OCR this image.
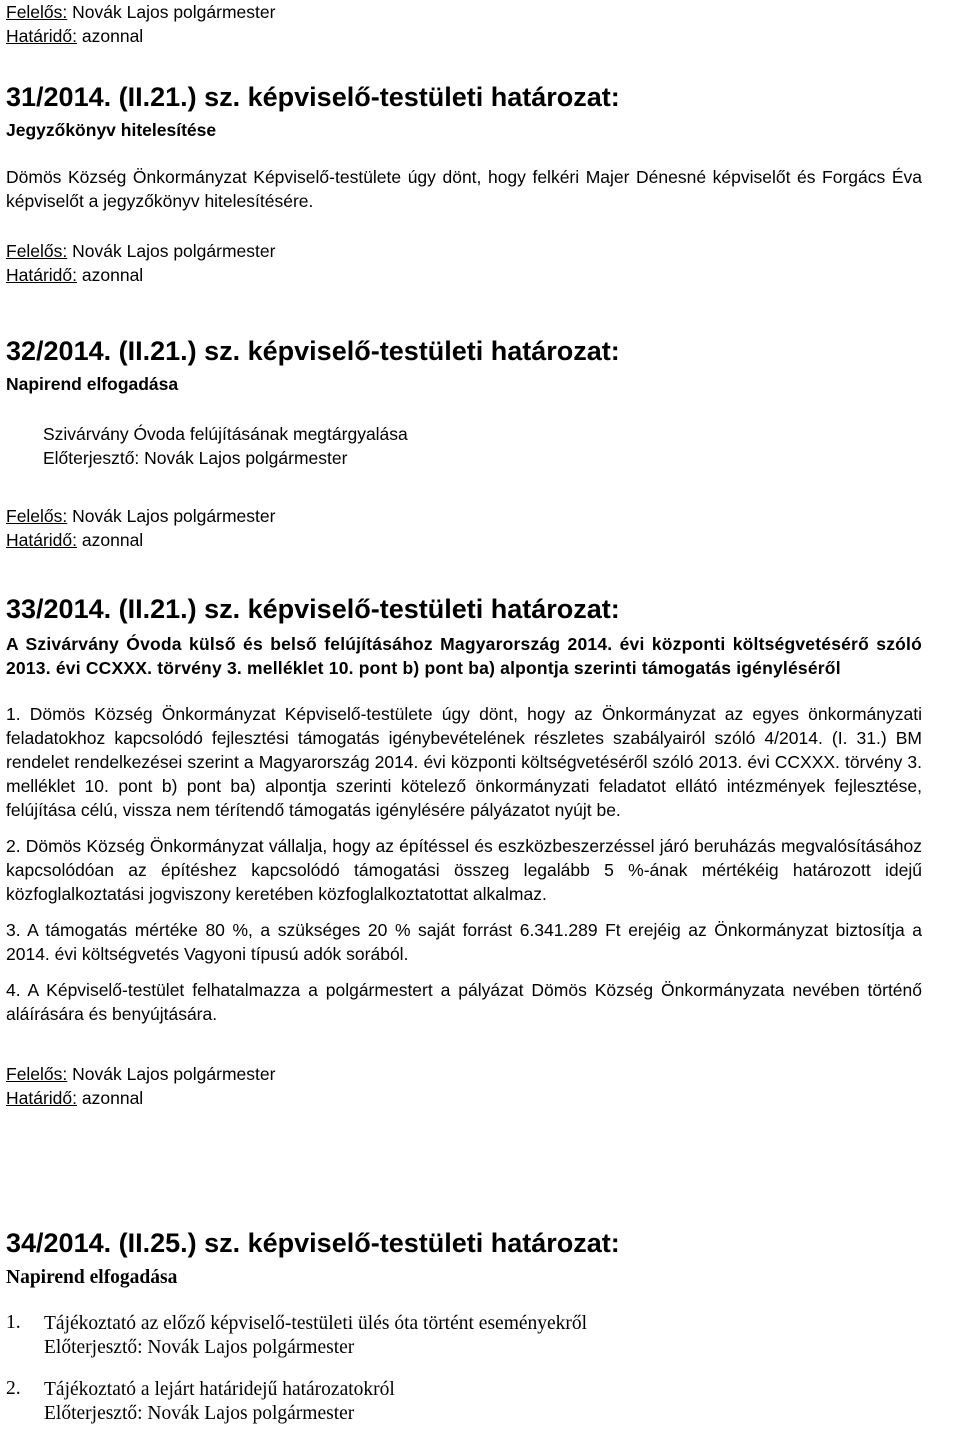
Felelős: Novák Lajos polgármester
Határidő: azonnal
31/2014. (II.21.) sz. képviselő-testületi határozat:
Jegyzőkönyv hitelesítése
Dömös Község Önkormányzat Képviselő-testülete úgy dönt, hogy felkéri Majer Dénesné képviselőt és Forgács Éva képviselőt a jegyzőkönyv hitelesítésére.
Felelős: Novák Lajos polgármester
Határidő: azonnal
32/2014. (II.21.) sz. képviselő-testületi határozat:
Napirend elfogadása
Szivárvány Óvoda felújításának megtárgyalása
Előterjesztő: Novák Lajos polgármester
Felelős: Novák Lajos polgármester
Határidő: azonnal
33/2014. (II.21.) sz. képviselő-testületi határozat:
A Szivárvány Óvoda külső és belső felújításához Magyarország 2014. évi központi költségvetésérő szóló 2013. évi CCXXX. törvény 3. melléklet 10. pont b) pont ba) alpontja szerinti támogatás igényléséről
1. Dömös Község Önkormányzat Képviselő-testülete úgy dönt, hogy az Önkormányzat az egyes önkormányzati feladatokhoz kapcsolódó fejlesztési támogatás igénybevételének részletes szabályairól szóló 4/2014. (I. 31.) BM rendelet rendelkezései szerint a Magyarország 2014. évi központi költségvetéséről szóló 2013. évi CCXXX. törvény 3. melléklet 10. pont b) pont ba) alpontja szerinti kötelező önkormányzati feladatot ellátó intézmények fejlesztése, felújítása célú, vissza nem térítendő támogatás igénylésére pályázatot nyújt be.
2. Dömös Község Önkormányzat vállalja, hogy az építéssel és eszközbeszerzéssel járó beruházás megvalósításához kapcsolódóan az építéshez kapcsolódó támogatási összeg legalább 5 %-ának mértékéig határozott idejű közfoglalkoztatási jogviszony keretében közfoglalkoztatottat alkalmaz.
3. A támogatás mértéke 80 %, a szükséges 20 % saját forrást 6.341.289 Ft erejéig az Önkormányzat biztosítja a 2014. évi költségvetés Vagyoni típusú adók sorából.
4. A Képviselő-testület felhatalmazza a polgármestert a pályázat Dömös Község Önkormányzata nevében történő aláírására és benyújtására.
Felelős: Novák Lajos polgármester
Határidő: azonnal
34/2014. (II.25.) sz. képviselő-testületi határozat:
Napirend elfogadása
1.	Tájékoztató az előző képviselő-testületi ülés óta történt eseményekről
Előterjesztő: Novák Lajos polgármester
2.	Tájékoztató a lejárt határidejű határozatokról
Előterjesztő: Novák Lajos polgármester
